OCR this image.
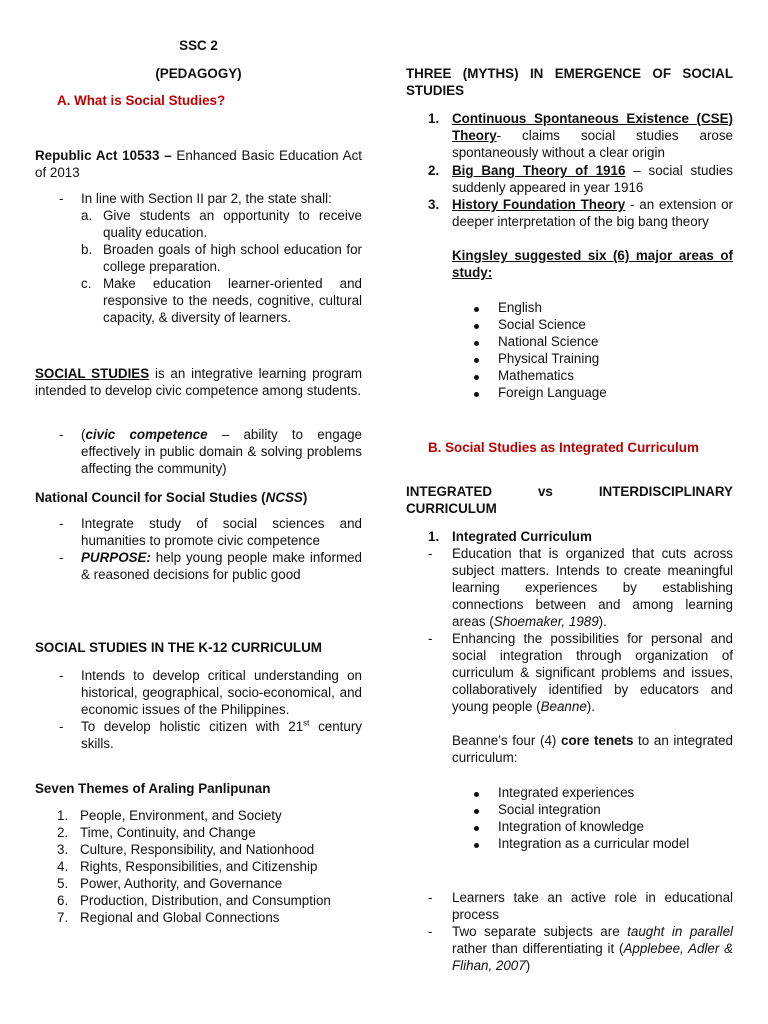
SSC 2

(PEDAGOGY)

A. What is Social Studies?

Republic Act 10533 – Enhanced Basic Education Act of 2013

-	In line with Section II par 2, the state shall:
a. Give students an opportunity to receive quality education.
b. Broaden goals of high school education for college preparation.
c. Make education learner-oriented and responsive to the needs, cognitive, cultural capacity, & diversity of learners.

SOCIAL STUDIES is an integrative learning program intended to develop civic competence among students.

-	(civic competence – ability to engage effectively in public domain & solving problems affecting the community)

National Council for Social Studies (NCSS)

-	Integrate study of social sciences and humanities to promote civic competence
-	PURPOSE: help young people make informed & reasoned decisions for public good

SOCIAL STUDIES IN THE K-12 CURRICULUM

-	Intends to develop critical understanding on historical, geographical, socio-economical, and economic issues of the Philippines.
-	To develop holistic citizen with 21st century skills.

Seven Themes of Araling Panlipunan

1. People, Environment, and Society
2. Time, Continuity, and Change
3. Culture, Responsibility, and Nationhood
4. Rights, Responsibilities, and Citizenship
5. Power, Authority, and Governance
6. Production, Distribution, and Consumption
7. Regional and Global Connections

THREE (MYTHS) IN EMERGENCE OF SOCIAL STUDIES

1. Continuous Spontaneous Existence (CSE) Theory- claims social studies arose spontaneously without a clear origin
2. Big Bang Theory of 1916 – social studies suddenly appeared in year 1916
3. History Foundation Theory - an extension or deeper interpretation of the big bang theory

Kingsley suggested six (6) major areas of study:

English
Social Science
National Science
Physical Training
Mathematics
Foreign Language

B. Social Studies as Integrated Curriculum

INTEGRATED	vs	INTERDISCIPLINARY

CURRICULUM

1. Integrated Curriculum
-	Education that is organized that cuts across subject matters. Intends to create meaningful learning experiences by establishing connections between and among learning areas (Shoemaker, 1989).
-	Enhancing the possibilities for personal and social integration through organization of curriculum & significant problems and issues, collaboratively identified by educators and young people (Beanne).

Beanne’s four (4) core tenets to an integrated curriculum:

Integrated experiences
Social integration
Integration of knowledge
Integration as a curricular model
-	Learners take an active role in educational process
-	Two separate subjects are taught in parallel rather than differentiating it (Applebee, Adler & Flihan, 2007)
